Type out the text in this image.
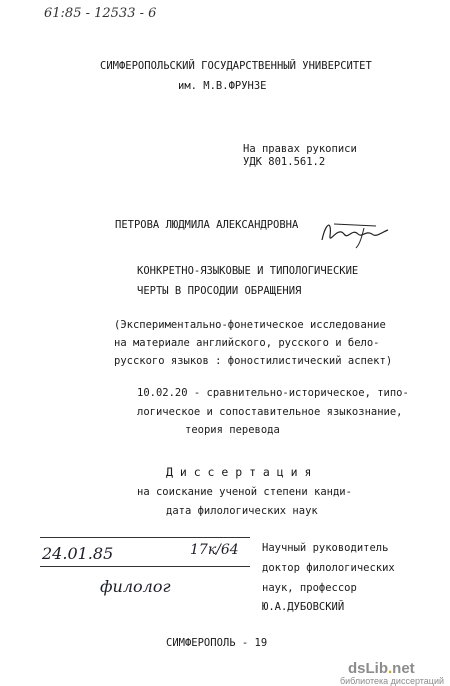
61:85 - 12533 - 6
СИМФЕРОПОЛЬСКИЙ ГОСУДАРСТВЕННЫЙ УНИВЕРСИТЕТ
им. М.В.ФРУНЗЕ
На правах рукописи
УДК 801.561.2
ПЕТРОВА ЛЮДМИЛА АЛЕКСАНДРОВНА
КОНКРЕТНО-ЯЗЫКОВЫЕ И ТИПОЛОГИЧЕСКИЕ
ЧЕРТЫ В ПРОСОДИИ ОБРАЩЕНИЯ
(Экспериментально-фонетическое исследование
на материале английского, русского и бело-
русского языков : фоностилистический аспект)
10.02.20 - сравнительно-историческое, типо-
логическое и сопоставительное языкознание,
теория перевода
Д и с с е р т а ц и я
на соискание ученой степени канди-
дата филологических наук
24.01.85	17к/64
филолог
Научный руководитель
доктор филологических
наук, профессор
Ю.А.ДУБОВСКИЙ
СИМФЕРОПОЛЬ - 19
dsLib.net
библиотека диссертаций
